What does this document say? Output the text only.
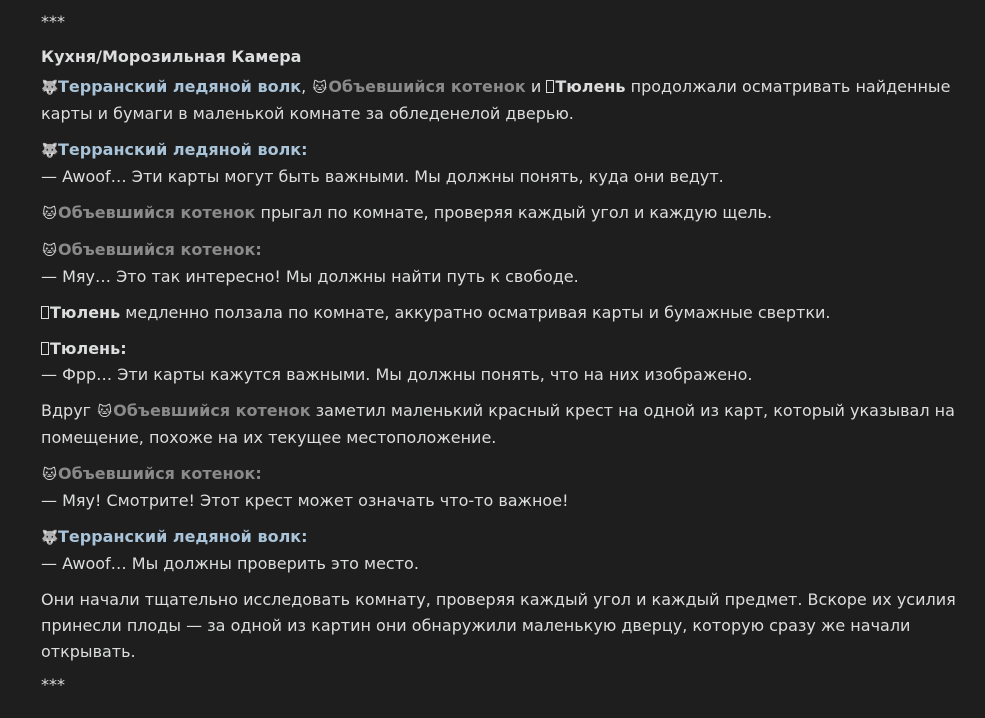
***
Кухня/Морозильная Камера
🐺Терранский ледяной волк, 🐱Объевшийся котенок и Тюлень продолжали осматривать найденные
карты и бумаги в маленькой комнате за обледенелой дверью.
🐺Терранский ледяной волк:
— Awoof… Эти карты могут быть важными. Мы должны понять, куда они ведут.
🐱Объевшийся котенок прыгал по комнате, проверяя каждый угол и каждую щель.
🐱Объевшийся котенок:
— Мяу… Это так интересно! Мы должны найти путь к свободе.
Тюлень медленно ползала по комнате, аккуратно осматривая карты и бумажные свертки.
Тюлень:
— Фрр… Эти карты кажутся важными. Мы должны понять, что на них изображено.
Вдруг 🐱Объевшийся котенок заметил маленький красный крест на одной из карт, который указывал на
помещение, похоже на их текущее местоположение.
🐱Объевшийся котенок:
— Мяу! Смотрите! Этот крест может означать что-то важное!
🐺Терранский ледяной волк:
— Awoof… Мы должны проверить это место.
Они начали тщательно исследовать комнату, проверяя каждый угол и каждый предмет. Вскоре их усилия
принесли плоды — за одной из картин они обнаружили маленькую дверцу, которую сразу же начали
открывать.
***
